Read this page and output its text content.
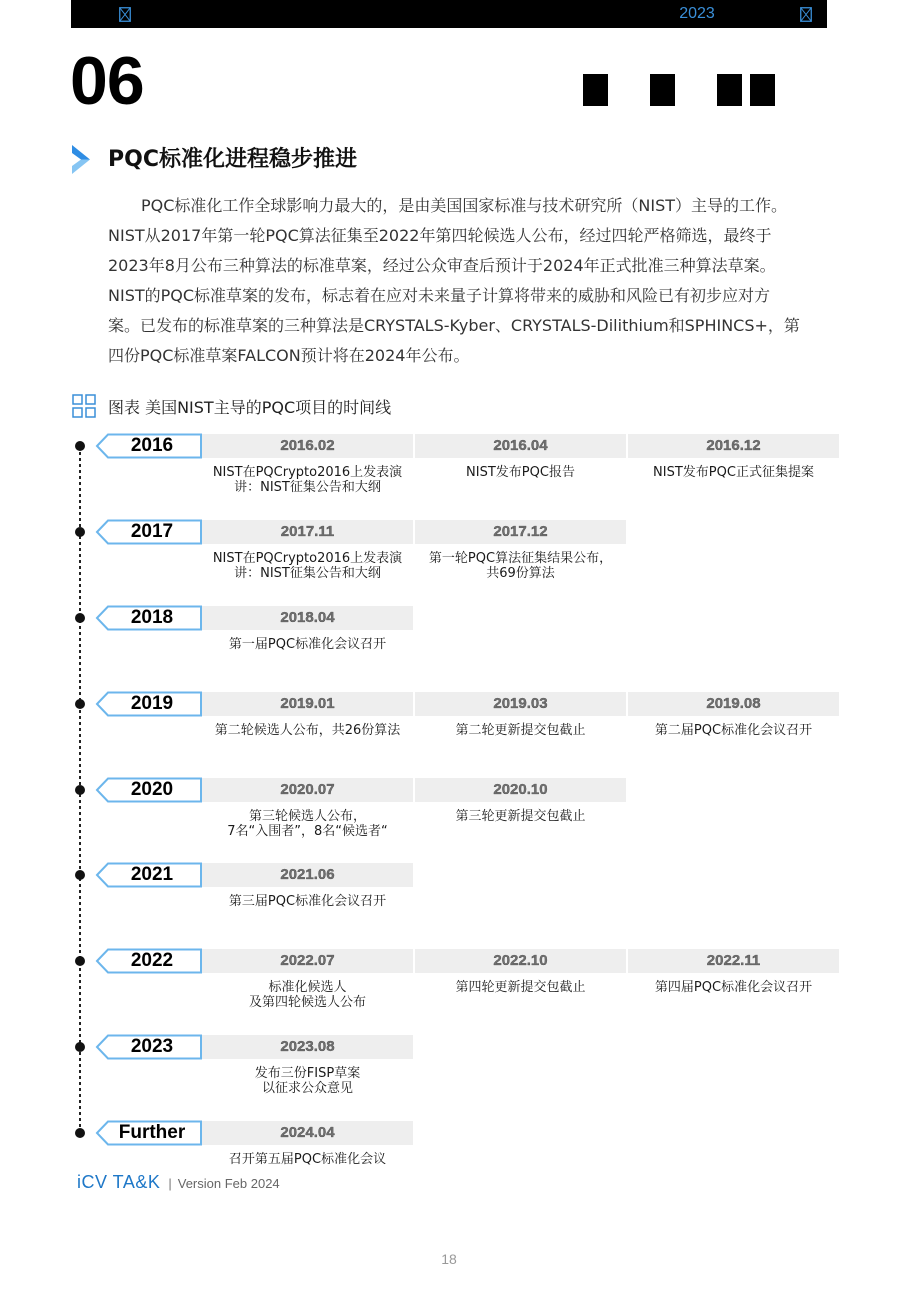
2023
06
PQC标准化进程稳步推进
PQC标准化工作全球影响力最大的，是由美国国家标准与技术研究所（NIST）主导的工作。
NIST从2017年第一轮PQC算法征集至2022年第四轮候选人公布，经过四轮严格筛选，最终于
2023年8月公布三种算法的标准草案，经过公众审查后预计于2024年正式批准三种算法草案。
NIST的PQC标准草案的发布，标志着在应对未来量子计算将带来的威胁和风险已有初步应对方
案。已发布的标准草案的三种算法是CRYSTALS-Kyber、CRYSTALS-Dilithium和SPHINCS+，第
四份PQC标准草案FALCON预计将在2024年公布。
图表 美国NIST主导的PQC项目的时间线
2016	2016.02
NIST在PQCrypto2016上发表演
讲：NIST征集公告和大纲
2016.04
NIST发布PQC报告
2016.12
NIST发布PQC正式征集提案
2017	2017.11
NIST在PQCrypto2016上发表演
讲：NIST征集公告和大纲
2017.12
第一轮PQC算法征集结果公布，
共69份算法
2018	2018.04
第一届PQC标准化会议召开
2019	2019.01
第二轮候选人公布，共26份算法
2019.03
第二轮更新提交包截止
2019.08
第二届PQC标准化会议召开
2020	2020.07
第三轮候选人公布，
7名“入围者”，8名“候选者“
2020.10
第三轮更新提交包截止
2021	2021.06
第三届PQC标准化会议召开
2022	2022.07
标准化候选人
及第四轮候选人公布
2022.10
第四轮更新提交包截止
2022.11
第四届PQC标准化会议召开
2023	2023.08
发布三份FISP草案
以征求公众意见
Further	2024.04
召开第五届PQC标准化会议
iCV TA&K | Version Feb 2024
18
